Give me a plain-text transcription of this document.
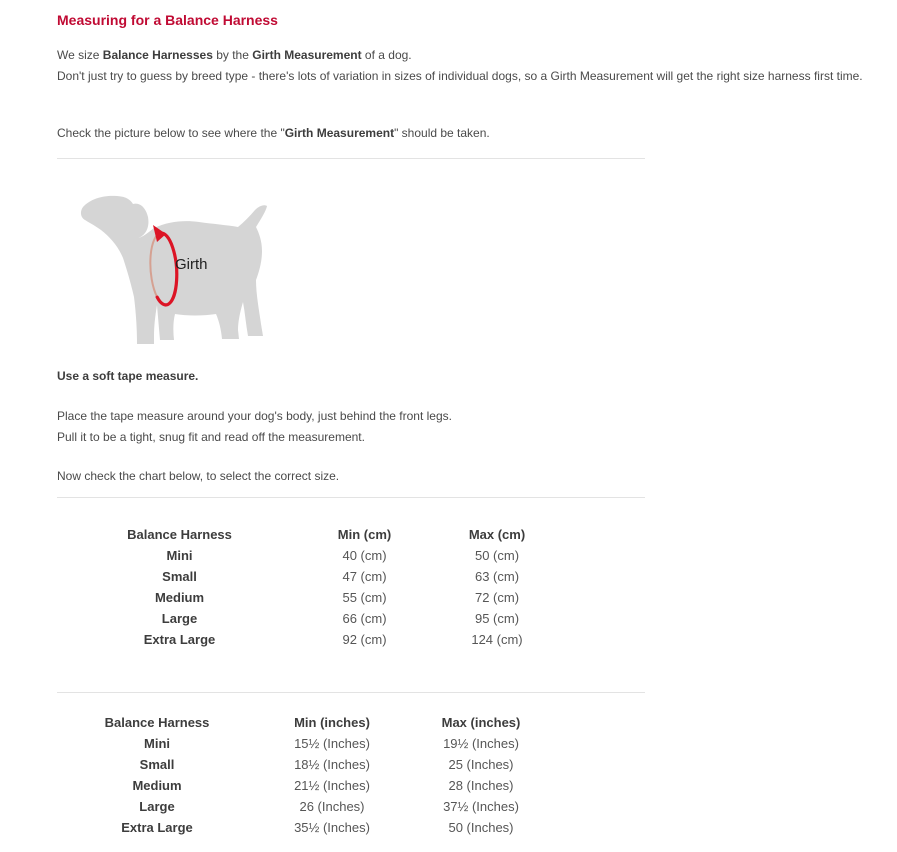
Measuring for a Balance Harness

We size Balance Harnesses by the Girth Measurement of a dog.
Don't just try to guess by breed type - there's lots of variation in sizes of individual dogs, so a Girth Measurement will get the right size harness first time.

Check the picture below to see where the "Girth Measurement" should be taken.

Girth

Use a soft tape measure.

Place the tape measure around your dog's body, just behind the front legs.
Pull it to be a tight, snug fit and read off the measurement.

Now check the chart below, to select the correct size.

Balance Harness	Min (cm)	Max (cm)
Mini	40 (cm)	50 (cm)
Small	47 (cm)	63 (cm)
Medium	55 (cm)	72 (cm)
Large	66 (cm)	95 (cm)
Extra Large	92 (cm)	124 (cm)
Balance Harness	Min (inches)	Max (inches)
Mini	15½ (Inches)	19½ (Inches)
Small	18½ (Inches)	25 (Inches)
Medium	21½ (Inches)	28 (Inches)
Large	26 (Inches)	37½ (Inches)
Extra Large	35½ (Inches)	50 (Inches)
